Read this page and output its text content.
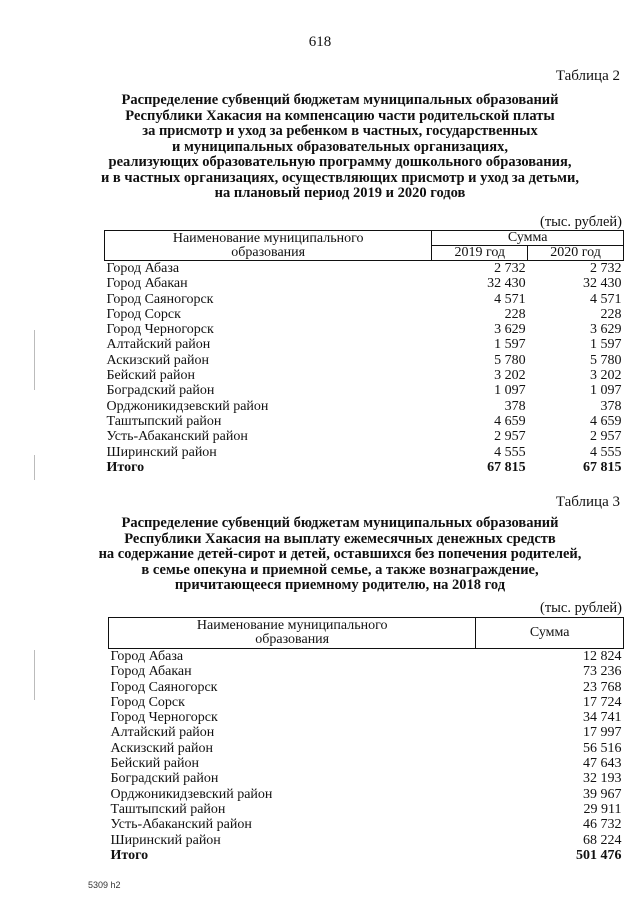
618
Таблица 2
Распределение субвенций бюджетам муниципальных образований
Республики Хакасия на компенсацию части родительской платы
за присмотр и уход за ребенком в частных, государственных
и муниципальных образовательных организациях,
реализующих образовательную программу дошкольного образования,
и в частных организациях, осуществляющих присмотр и уход за детьми,
на плановый период 2019 и 2020 годов
(тыс. рублей)
Наименование муниципального образования	Сумма	
	2019 год	2020 год
Город Абаза	2 732	2 732
Город Абакан	32 430	32 430
Город Саяногорск	4 571	4 571
Город Сорск	228	228
Город Черногорск	3 629	3 629
Алтайский район	1 597	1 597
Аскизский район	5 780	5 780
Бейский район	3 202	3 202
Боградский район	1 097	1 097
Орджоникидзевский район	378	378
Таштыпский район	4 659	4 659
Усть-Абаканский район	2 957	2 957
Ширинский район	4 555	4 555
Итого	67 815	67 815
Таблица 3
Распределение субвенций бюджетам муниципальных образований
Республики Хакасия на выплату ежемесячных денежных средств
на содержание детей-сирот и детей, оставшихся без попечения родителей,
в семье опекуна и приемной семье, а также вознаграждение,
причитающееся приемному родителю, на 2018 год
(тыс. рублей)
Наименование муниципального образования	Сумма
Город Абаза	12 824
Город Абакан	73 236
Город Саяногорск	23 768
Город Сорск	17 724
Город Черногорск	34 741
Алтайский район	17 997
Аскизский район	56 516
Бейский район	47 643
Боградский район	32 193
Орджоникидзевский район	39 967
Таштыпский район	29 911
Усть-Абаканский район	46 732
Ширинский район	68 224
Итого	501 476
5309 h2
